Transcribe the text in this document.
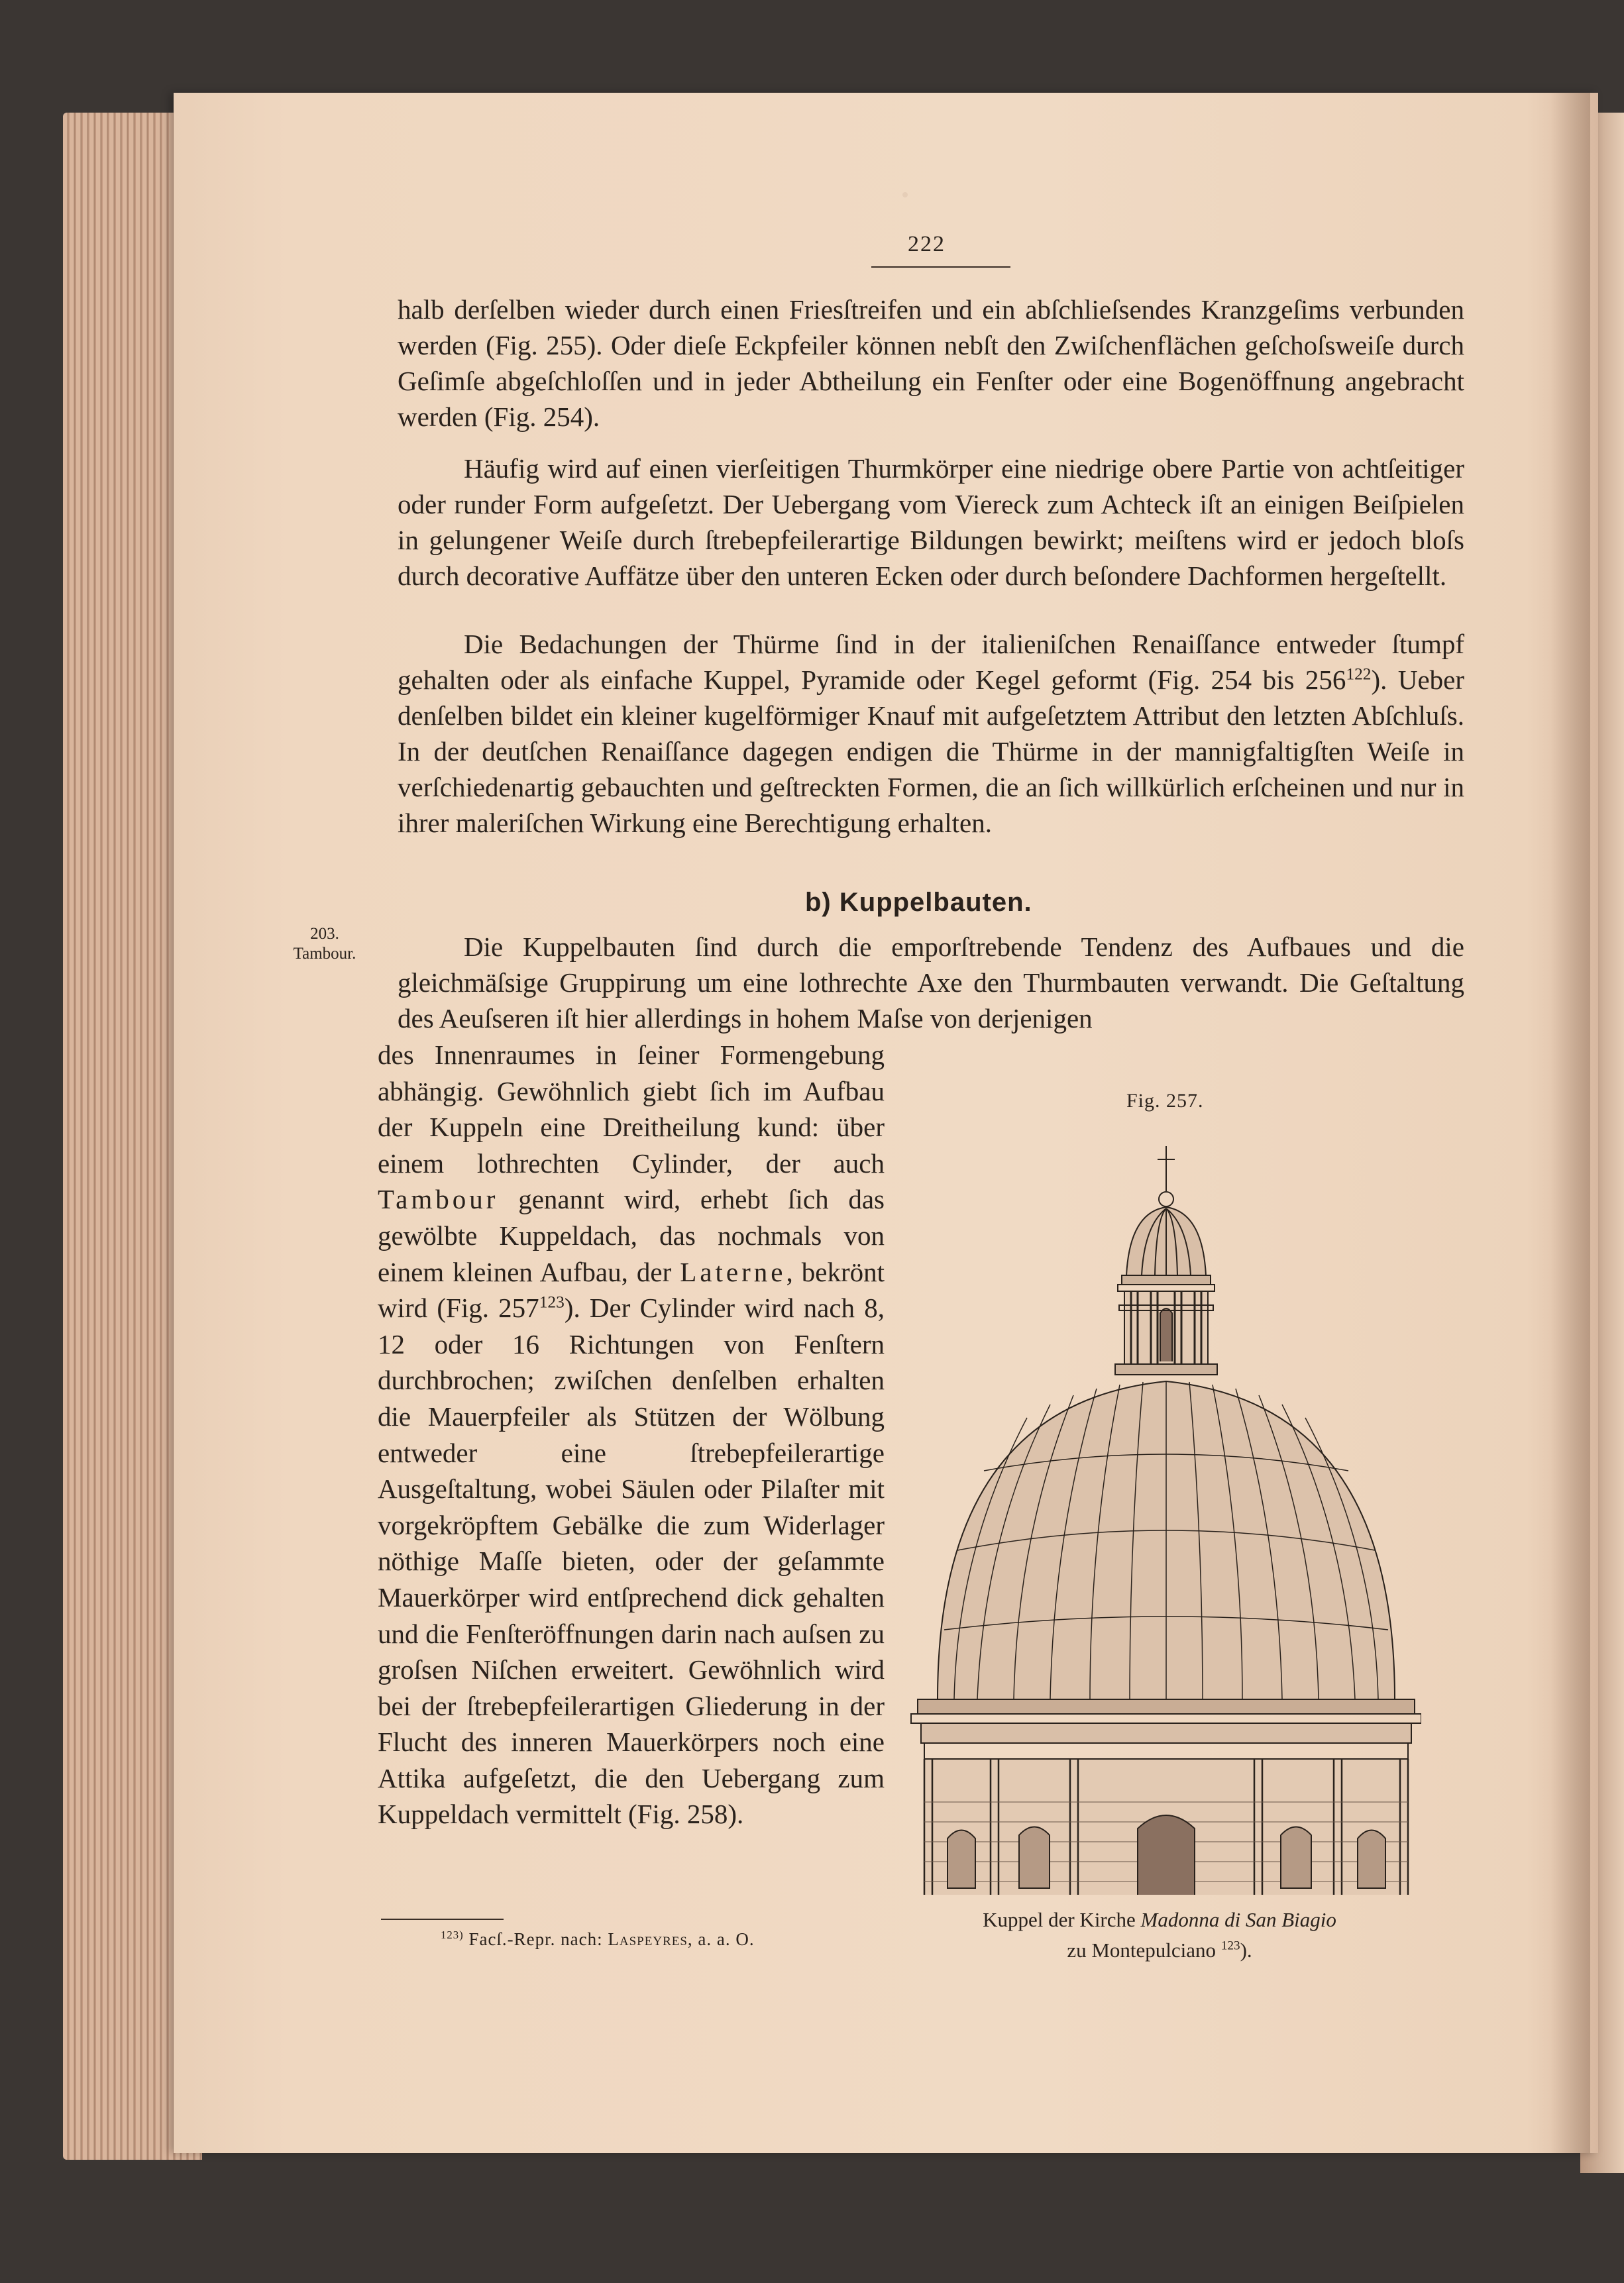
222

halb derſelben wieder durch einen Friesſtreifen und ein abſchlieſsendes Kranzgeſims verbunden werden (Fig. 255). Oder dieſe Eckpfeiler können nebſt den Zwiſchenflächen geſchoſsweiſe durch Geſimſe abgeſchloſſen und in jeder Abtheilung ein Fenſter oder eine Bogenöffnung angebracht werden (Fig. 254).

Häufig wird auf einen vierſeitigen Thurmkörper eine niedrige obere Partie von achtſeitiger oder runder Form aufgeſetzt. Der Uebergang vom Viereck zum Achteck iſt an einigen Beiſpielen in gelungener Weiſe durch ſtrebepfeilerartige Bildungen bewirkt; meiſtens wird er jedoch bloſs durch decorative Auffätze über den unteren Ecken oder durch beſondere Dachformen hergeſtellt.

Die Bedachungen der Thürme ſind in der italieniſchen Renaiſſance entweder ſtumpf gehalten oder als einfache Kuppel, Pyramide oder Kegel geformt (Fig. 254 bis $256^{122}$). Ueber denſelben bildet ein kleiner kugelförmiger Knauf mit aufgeſetztem Attribut den letzten Abſchluſs. In der deutſchen Renaiſſance dagegen endigen die Thürme in der mannigfaltigſten Weiſe in verſchiedenartig gebauchten und geſtreckten Formen, die an ſich willkürlich erſcheinen und nur in ihrer maleriſchen Wirkung eine Berechtigung erhalten.

b) Kuppelbauten.
203.
Tambour.	Die Kuppelbauten ſind durch die emporſtrebende Tendenz des Aufbaues und die gleichmäſsige Gruppirung um eine lothrechte Axe den Thurmbauten verwandt. Die Geſtaltung des Aeuſseren iſt hier allerdings in hohem Maſse von derjenigen

des Innenraumes in ſeiner Formengebung abhängig. Gewöhnlich giebt ſich im Aufbau der Kuppeln eine Dreitheilung kund: über einem lothrechten Cylinder, der auch Tambour genannt wird, erhebt ſich das gewölbte Kuppeldach, das nochmals von einem kleinen Aufbau, der Laterne, bekrönt wird (Fig. $257^{123}$). Der Cylinder wird nach 8, 12 oder 16 Richtungen von Fenſtern durchbrochen; zwiſchen denſelben erhalten die Mauerpfeiler als Stützen der Wölbung entweder eine ſtrebepfeilerartige Ausgeſtaltung, wobei Säulen oder Pilaſter mit vorgekröpftem Gebälke die zum Widerlager nöthige Maſſe bieten, oder der geſammte Mauerkörper wird entſprechend dick gehalten und die Fenſteröffnungen darin nach auſsen zu groſsen Niſchen erweitert. Gewöhnlich wird bei der ſtrebepfeilerartigen Gliederung in der Flucht des inneren Mauerkörpers noch eine Attika aufgeſetzt, die den Uebergang zum Kuppeldach vermittelt (Fig. 258).

Fig. 257.
Kuppel der Kirche Madonna di San Biagio
zu Montepulciano $^{123}$).
$^{123)}$ Facſ.-Repr. nach: Laspeyres, a. a. O.
